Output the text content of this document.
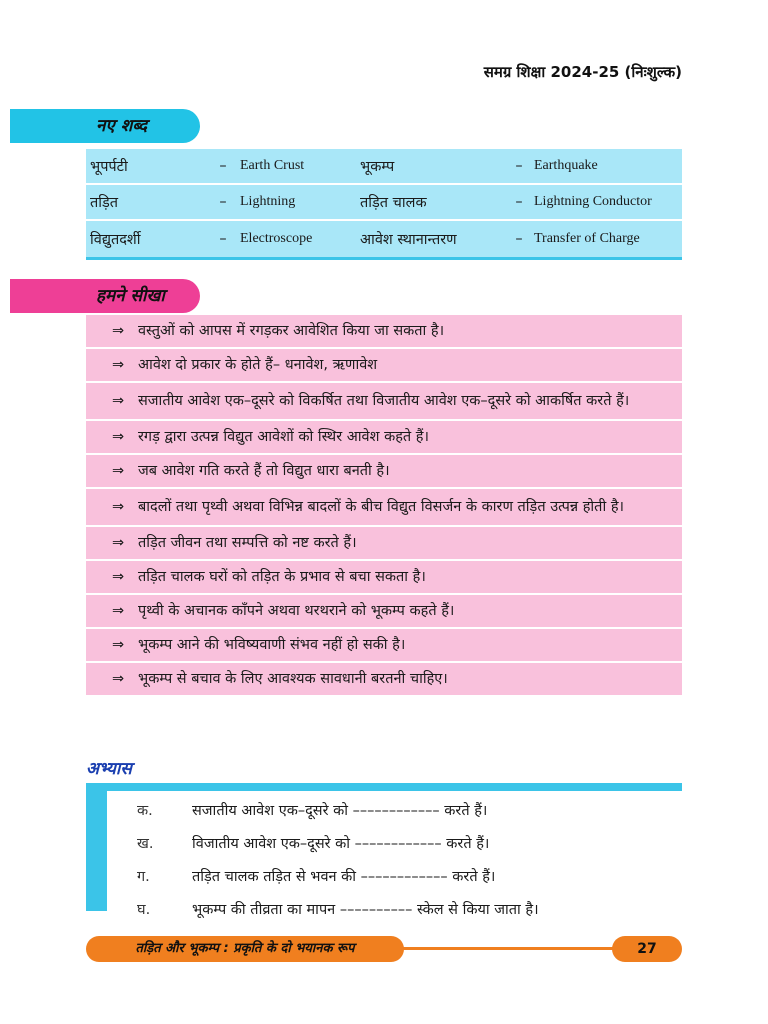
समग्र शिक्षा 2024-25 (निःशुल्क)
नए शब्द
भूपर्पटी	– Earth Crust	भूकम्प	– Earthquake
तड़ित	– Lightning	तड़ित चालक	– Lightning Conductor
विद्युतदर्शी	– Electroscope	आवेश स्थानान्तरण	– Transfer of Charge
हमने सीखा
⇒ वस्तुओं को आपस में रगड़कर आवेशित किया जा सकता है।
⇒ आवेश दो प्रकार के होते हैं– धनावेश, ऋणावेश
⇒ सजातीय आवेश एक–दूसरे को विकर्षित तथा विजातीय आवेश एक–दूसरे को आकर्षित करते हैं।
⇒ रगड़ द्वारा उत्पन्न विद्युत आवेशों को स्थिर आवेश कहते हैं।
⇒ जब आवेश गति करते हैं तो विद्युत धारा बनती है।
⇒ बादलों तथा पृथ्वी अथवा विभिन्न बादलों के बीच विद्युत विसर्जन के कारण तड़ित उत्पन्न होती है।
⇒ तड़ित जीवन तथा सम्पत्ति को नष्ट करते हैं।
⇒ तड़ित चालक घरों को तड़ित के प्रभाव से बचा सकता है।
⇒ पृथ्वी के अचानक काँपने अथवा थरथराने को भूकम्प कहते हैं।
⇒ भूकम्प आने की भविष्यवाणी संभव नहीं हो सकी है।
⇒ भूकम्प से बचाव के लिए आवश्यक सावधानी बरतनी चाहिए।
अभ्यास
क.	सजातीय आवेश एक–दूसरे को –––––––––––– करते हैं।
ख.	विजातीय आवेश एक–दूसरे को –––––––––––– करते हैं।
ग.	तड़ित चालक तड़ित से भवन की –––––––––––– करते हैं।
घ.	भूकम्प की तीव्रता का मापन –––––––––– स्केल से किया जाता है।
तड़ित और भूकम्प : प्रकृति के दो भयानक रूप	27
